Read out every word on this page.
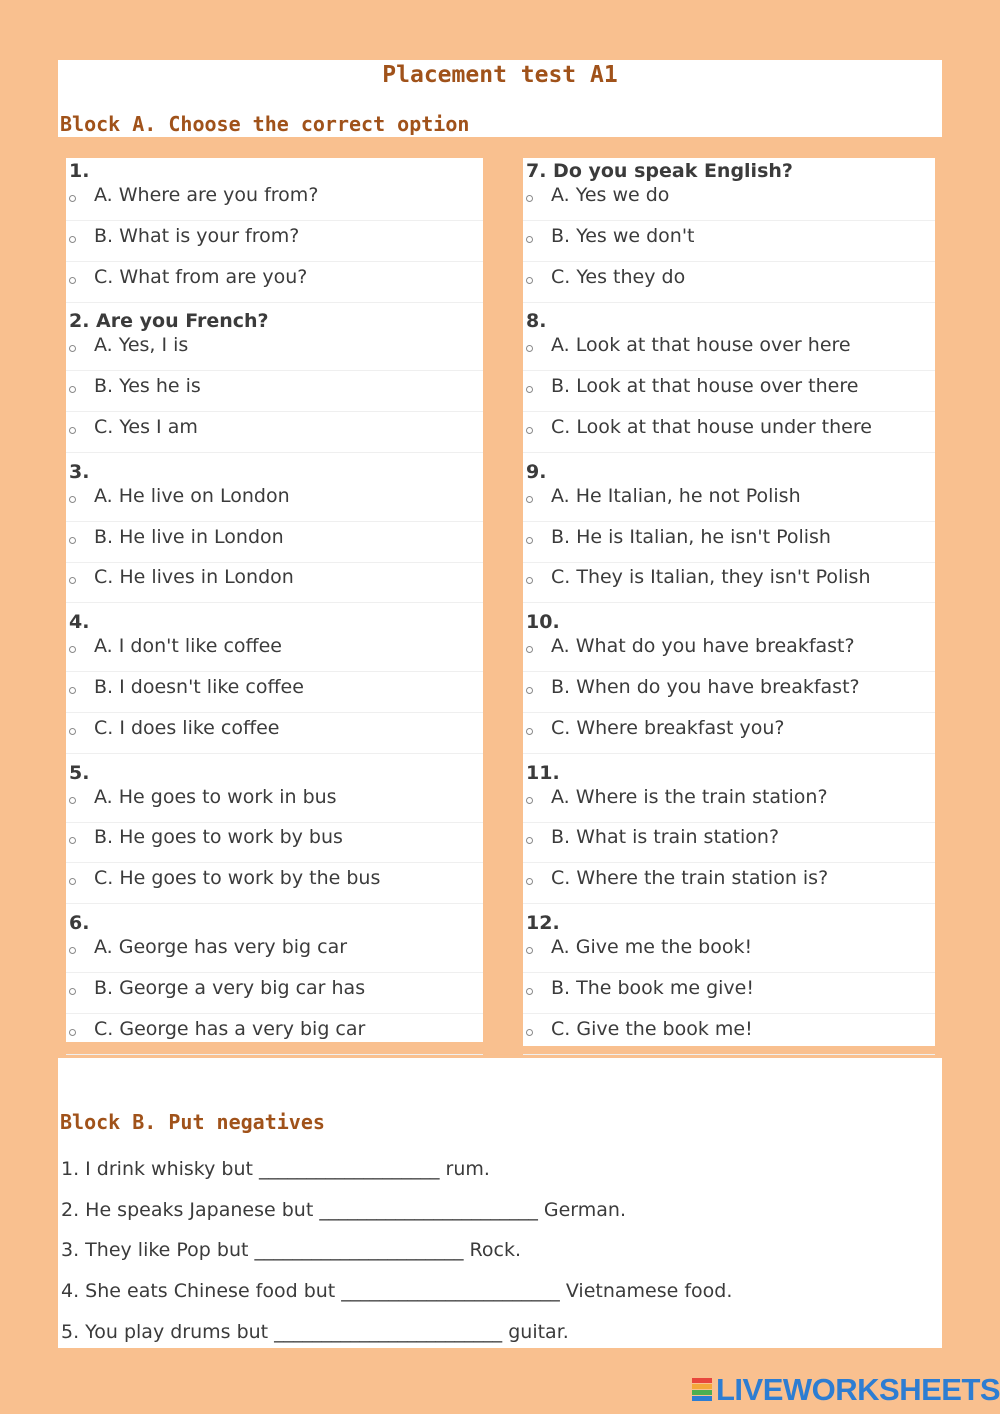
Placement test A1
Block A. Choose the correct option
1.
A. Where are you from?
B. What is your from?
C. What from are you?
2. Are you French?
A. Yes, I is
B. Yes he is
C. Yes I am
3.
A. He live on London
B. He live in London
C. He lives in London
4.
A. I don't like coffee
B. I doesn't like coffee
C. I does like coffee
5.
A. He goes to work in bus
B. He goes to work by bus
C. He goes to work by the bus
6.
A. George has very big car
B. George a very big car has
C. George has a very big car
7. Do you speak English?
A. Yes we do
B. Yes we don't
C. Yes they do
8.
A. Look at that house over here
B. Look at that house over there
C. Look at that house under there
9.
A. He Italian, he not Polish
B. He is Italian, he isn't Polish
C. They is Italian, they isn't Polish
10.
A. What do you have breakfast?
B. When do you have breakfast?
C. Where breakfast you?
11.
A. Where is the train station?
B. What is train station?
C. Where the train station is?
12.
A. Give me the book!
B. The book me give!
C. Give the book me!
Block B. Put negatives
1. I drink whisky but ___________________ rum.
2. He speaks Japanese but _______________________ German.
3. They like Pop but ______________________ Rock.
4. She eats Chinese food but _______________________ Vietnamese food.
5. You play drums but ________________________ guitar.
LIVEWORKSHEETS
